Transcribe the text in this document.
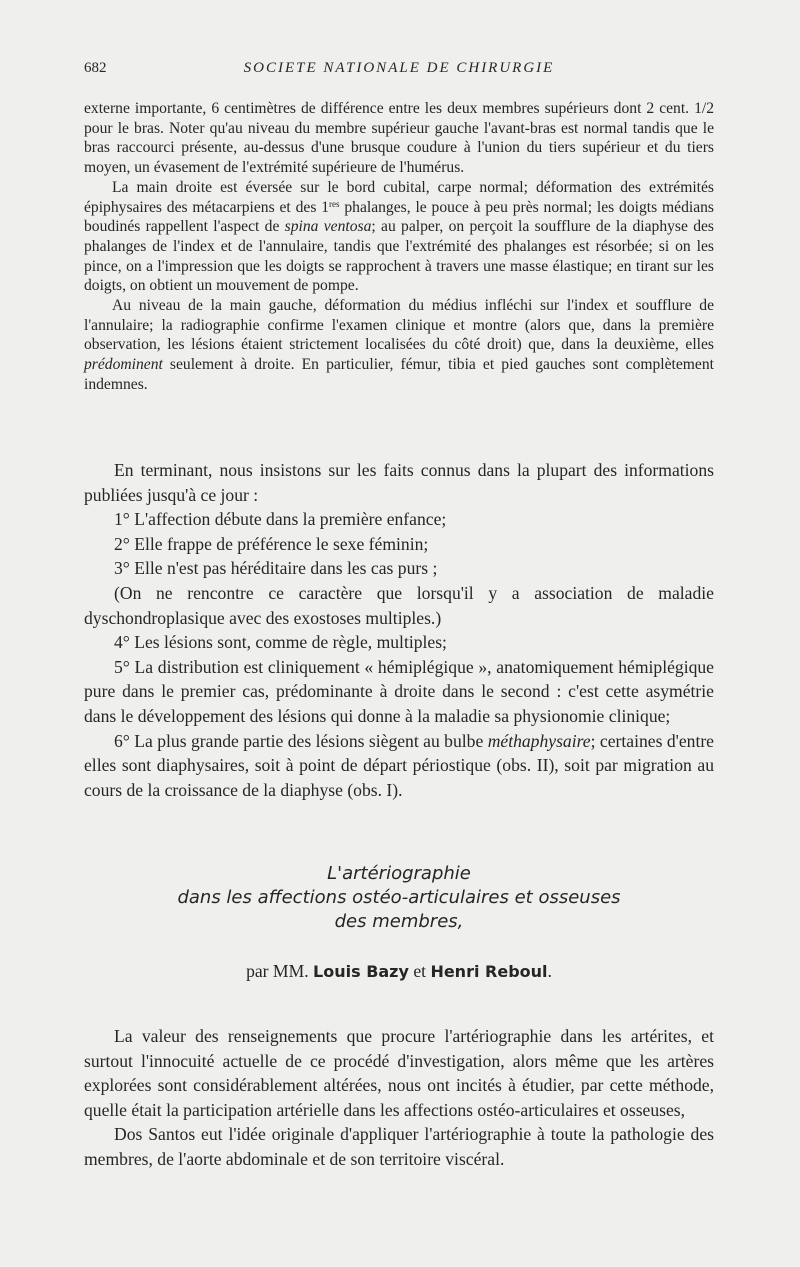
682	SOCIETE NATIONALE DE CHIRURGIE

externe importante, 6 centimètres de différence entre les deux membres supérieurs dont 2 cent. 1/2 pour le bras. Noter qu'au niveau du membre supérieur gauche l'avant-bras est normal tandis que le bras raccourci présente, au-dessus d'une brusque coudure à l'union du tiers supérieur et du tiers moyen, un évasement de l'extrémité supérieure de l'humérus.

La main droite est éversée sur le bord cubital, carpe normal; déformation des extrémités épiphysaires des métacarpiens et des 1res phalanges, le pouce à peu près normal; les doigts médians boudinés rappellent l'aspect de spina ventosa; au palper, on perçoit la soufflure de la diaphyse des phalanges de l'index et de l'annulaire, tandis que l'extrémité des phalanges est résorbée; si on les pince, on a l'impression que les doigts se rapprochent à travers une masse élastique; en tirant sur les doigts, on obtient un mouvement de pompe.

Au niveau de la main gauche, déformation du médius infléchi sur l'index et soufflure de l'annulaire; la radiographie confirme l'examen clinique et montre (alors que, dans la première observation, les lésions étaient strictement localisées du côté droit) que, dans la deuxième, elles prédominent seulement à droite. En particulier, fémur, tibia et pied gauches sont complètement indemnes.

En terminant, nous insistons sur les faits connus dans la plupart des informations publiées jusqu'à ce jour :

1° L'affection débute dans la première enfance;

2° Elle frappe de préférence le sexe féminin;

3° Elle n'est pas héréditaire dans les cas purs ;

(On ne rencontre ce caractère que lorsqu'il y a association de maladie dyschondroplasique avec des exostoses multiples.)

4° Les lésions sont, comme de règle, multiples;

5° La distribution est cliniquement « hémiplégique », anatomiquement hémiplégique pure dans le premier cas, prédominante à droite dans le second : c'est cette asymétrie dans le développement des lésions qui donne à la maladie sa physionomie clinique;

6° La plus grande partie des lésions siègent au bulbe méthaphysaire; certaines d'entre elles sont diaphysaires, soit à point de départ périostique (obs. II), soit par migration au cours de la croissance de la diaphyse (obs. I).

L'artériographie
dans les affections ostéo-articulaires et osseuses
des membres,
par MM. Louis Bazy et Henri Reboul.

La valeur des renseignements que procure l'artériographie dans les artérites, et surtout l'innocuité actuelle de ce procédé d'investigation, alors même que les artères explorées sont considérablement altérées, nous ont incités à étudier, par cette méthode, quelle était la participation artérielle dans les affections ostéo-articulaires et osseuses,

Dos Santos eut l'idée originale d'appliquer l'artériographie à toute la pathologie des membres, de l'aorte abdominale et de son territoire viscéral.
